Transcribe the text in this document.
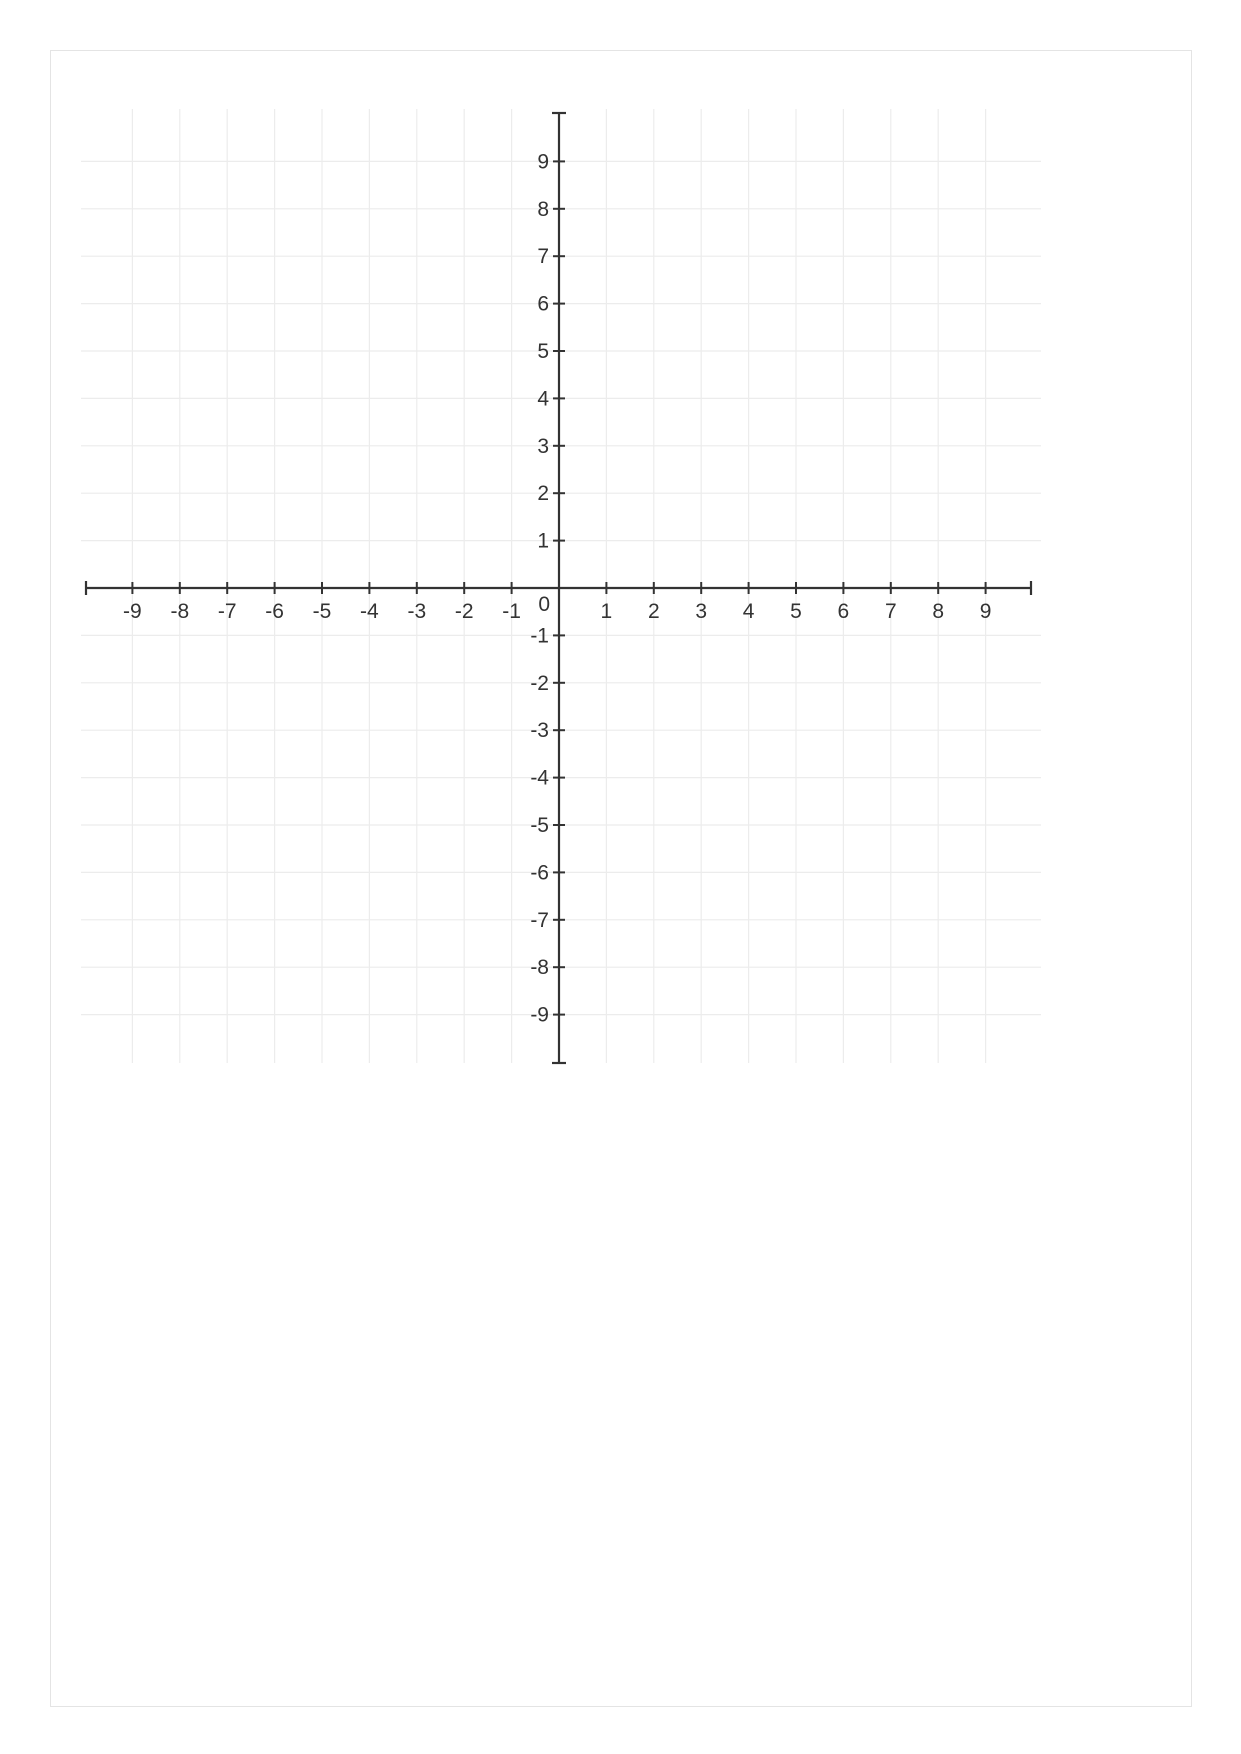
-9 -8 -7 -6 -5 -4 -3 -2 -1	1 2 3 4 5 6 7 8 9
9
8
7
6
5
4
3
2
1
-1
-2
-3
-4
-5
-6
-7
-8
-9
0
